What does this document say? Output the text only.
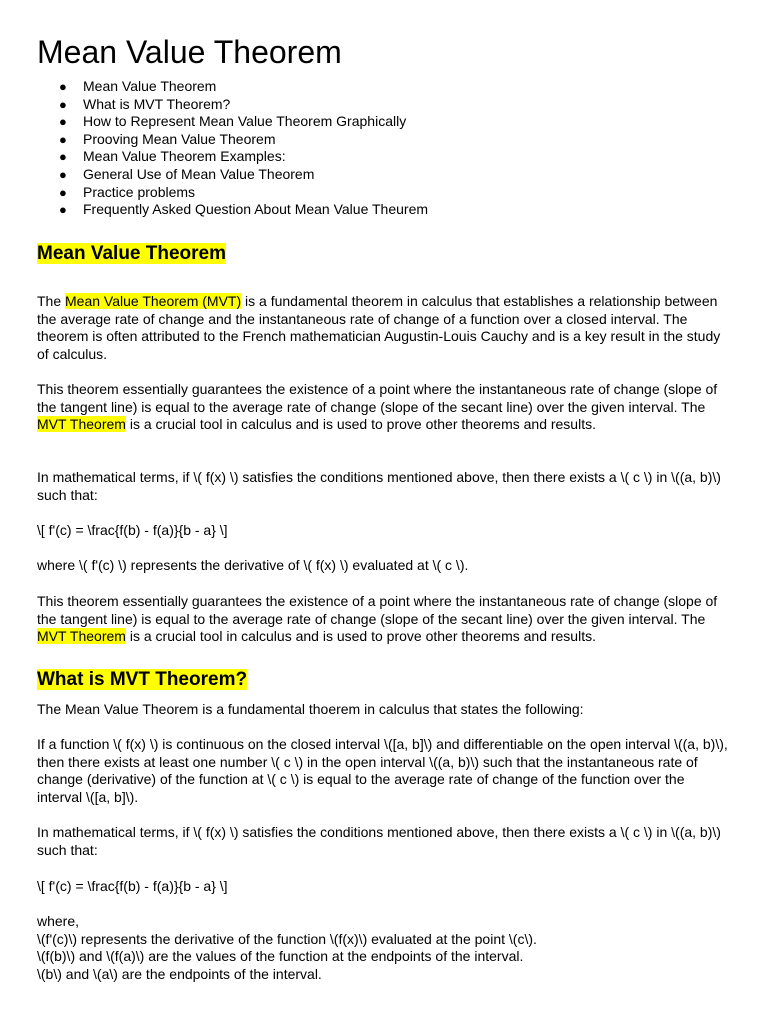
Mean Value Theorem
● Mean Value Theorem
● What is MVT Theorem?
● How to Represent Mean Value Theorem Graphically
● Prooving Mean Value Theorem
● Mean Value Theorem Examples:
● General Use of Mean Value Theorem
● Practice problems
● Frequently Asked Question About Mean Value Theurem
Mean Value Theorem

The Mean Value Theorem (MVT) is a fundamental theorem in calculus that establishes a relationship between the average rate of change and the instantaneous rate of change of a function over a closed interval. The theorem is often attributed to the French mathematician Augustin-Louis Cauchy and is a key result in the study of calculus.

This theorem essentially guarantees the existence of a point where the instantaneous rate of change (slope of the tangent line) is equal to the average rate of change (slope of the secant line) over the given interval. The MVT Theorem is a crucial tool in calculus and is used to prove other theorems and results.

In mathematical terms, if \( f(x) \) satisfies the conditions mentioned above, then there exists a \( c \) in \((a, b)\) such that:

\[ f'(c) = \frac{f(b) - f(a)}{b - a} \]

where \( f'(c) \) represents the derivative of \( f(x) \) evaluated at \( c \).

This theorem essentially guarantees the existence of a point where the instantaneous rate of change (slope of the tangent line) is equal to the average rate of change (slope of the secant line) over the given interval. The MVT Theorem is a crucial tool in calculus and is used to prove other theorems and results.

What is MVT Theorem?

The Mean Value Theorem is a fundamental thoerem in calculus that states the following:

If a function \( f(x) \) is continuous on the closed interval \([a, b]\) and differentiable on the open interval \((a, b)\), then there exists at least one number \( c \) in the open interval \((a, b)\) such that the instantaneous rate of change (derivative) of the function at \( c \) is equal to the average rate of change of the function over the interval \([a, b]\).

In mathematical terms, if \( f(x) \) satisfies the conditions mentioned above, then there exists a \( c \) in \((a, b)\) such that:

\[ f'(c) = \frac{f(b) - f(a)}{b - a} \]

where,
\(f'(c)\) represents the derivative of the function \(f(x)\) evaluated at the point \(c\).
\(f(b)\) and \(f(a)\) are the values of the function at the endpoints of the interval.
\(b\) and \(a\) are the endpoints of the interval.
